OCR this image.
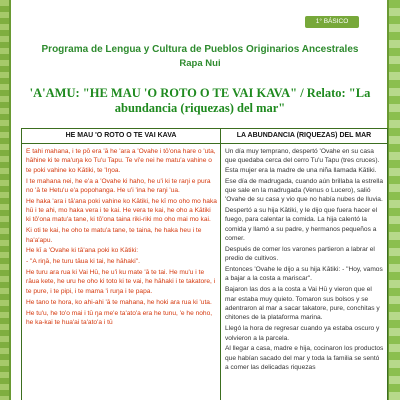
1° BÁSICO Unidad 3
Programa de Lengua y Cultura de Pueblos Originarios Ancestrales
Rapa Nui
'A'AMU: "HE MAU 'O ROTO O TE VAI KAVA" / Relato: "La
abundancia (riquezas) del mar"
HE MAU 'O ROTO O TE VAI KAVA

E tahi mahana, i te pō era 'ā he 'ara a 'Ovahe i tō'ona hare o 'uta, hāhine ki te ma'uŋa ko Tu'u Tapu. Te vi'e nei he matu'a vahine o te poki vahine ko Kātiki, te 'Iŋoa.

I te mahana nei, he e'a a 'Ovahe ki haho, he u'i ki te raŋi e pura no 'ā te Hetu'u e'a popohanga. He u'i 'ina he raŋi 'ua.

He haka 'ara i tā'ana poki vahine ko Kātiki, he kī mo oho mo haka hū i te ahi, mo haka vera i te kai. He vera te kai, he oho a Kātiki ki tō'ona matu'a tane, ki tō'ona taina riki-riki mo oho mai mo kai.

Ki oti te kai, he oho te matu'a tane, te taina, he haka heu i te ha'a'apu.

He kī a 'Ovahe ki tā'ana poki ko Kātiki:

- "A riŋā, he turu tāua ki tai, he hāhaki".

He turu ara rua ki Vai Hū, he u'i ku mate 'ā te tai. He mu'u i te rāua kete, he uru he oho ki toto ki te vai, he hāhaki i te takatore, i te pure, i te pipi, i te mama 'i ruŋa i te papa.

He tano te hora, ko ahi-ahi 'ā te mahana, he hoki ara rua ki 'uta.

He tu'u, he to'o mai i tū ŋa me'e ta'ato'a era he tunu, 'e he noho, he ka-kai te hua'ai ta'ato'a i tū

LA ABUNDANCIA (RIQUEZAS) DEL MAR

Un día muy temprano, despertó 'Ovahe en su casa que quedaba cerca del cerro Tu'u Tapu (tres cruces). Esta mujer era la madre de una niña llamada Kātiki.

Ese día de madrugada, cuando aún brillaba la estrella que sale en la madrugada (Venus o Lucero), salió 'Ovahe de su casa y vio que no había nubes de lluvia.

Despertó a su hija Kātiki, y le dijo que fuera hacer el fuego, para calentar la comida. La hija calentó la comida y llamó a su padre, y hermanos pequeños a comer.

Después de comer los varones partieron a labrar el predio de cultivos.

Entonces 'Ovahe le dijo a su hija Kātiki: - "Hoy, vamos a bajar a la costa a mariscar".

Bajaron las dos a la costa a Vai Hū y vieron que el mar estaba muy quieto. Tomaron sus bolsos y se adentraron al mar a sacar takatore, pure, conchitas y chitones de la plataforma marina.

Llegó la hora de regresar cuando ya estaba oscuro y volvieron a la parcela.

Al llegar a casa, madre e hija, cocinaron los productos que habían sacado del mar y toda la familia se sentó a comer las delicadas riquezas
